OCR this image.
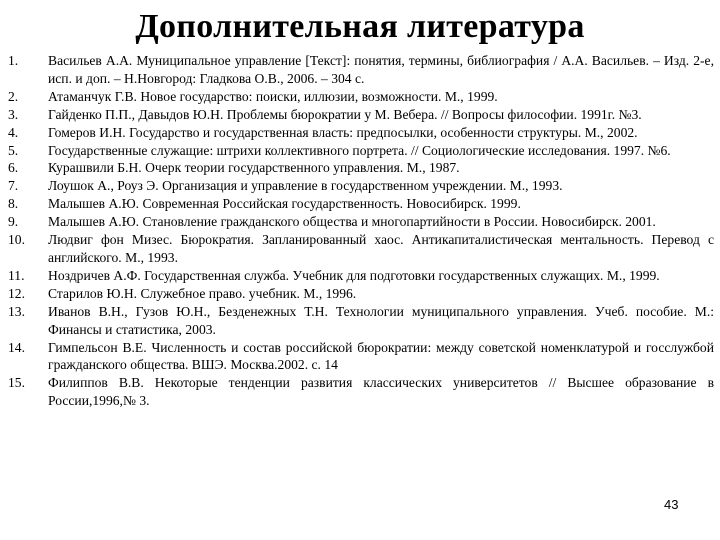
Дополнительная литература
1. Васильев А.А. Муниципальное управление [Текст]: понятия, термины, библиография / А.А. Васильев. – Изд. 2-е, исп. и доп. – Н.Новгород: Гладкова О.В., 2006. – 304 с.
2. Атаманчук Г.В. Новое государство: поиски, иллюзии, возможности. М., 1999.
3. Гайденко П.П., Давыдов Ю.Н. Проблемы бюрократии у М. Вебера. // Вопросы философии. 1991г. №3.
4. Гомеров И.Н. Государство и государственная власть: предпосылки, особенности структуры. М., 2002.
5. Государственные служащие: штрихи коллективного портрета. // Социологические исследования. 1997. №6.
6. Курашвили Б.Н. Очерк теории государственного управления. М., 1987.
7. Лоушок А., Роуз Э. Организация и управление в государственном учреждении. М., 1993.
8. Малышев А.Ю. Современная Российская государственность. Новосибирск. 1999.
9. Малышев А.Ю. Становление гражданского общества и многопартийности в России. Новосибирск. 2001.
10. Людвиг фон Мизес. Бюрократия. Запланированный хаос. Антикапиталистическая ментальность. Перевод с английского. М., 1993.
11. Ноздричев А.Ф. Государственная служба. Учебник для подготовки государственных служащих. М., 1999.
12. Старилов Ю.Н. Служебное право. учебник. М., 1996.
13. Иванов В.Н., Гузов Ю.Н., Безденежных Т.Н. Технологии муниципального управления. Учеб. пособие. М.: Финансы и статистика, 2003.
14. Гимпельсон В.Е. Численность и состав российской бюрократии: между советской номенклатурой и госслужбой гражданского общества. ВШЭ. Москва.2002. с. 14
15. Филиппов В.В. Некоторые тенденции развития классических университетов // Высшее образование в России,1996,№ 3.
43
